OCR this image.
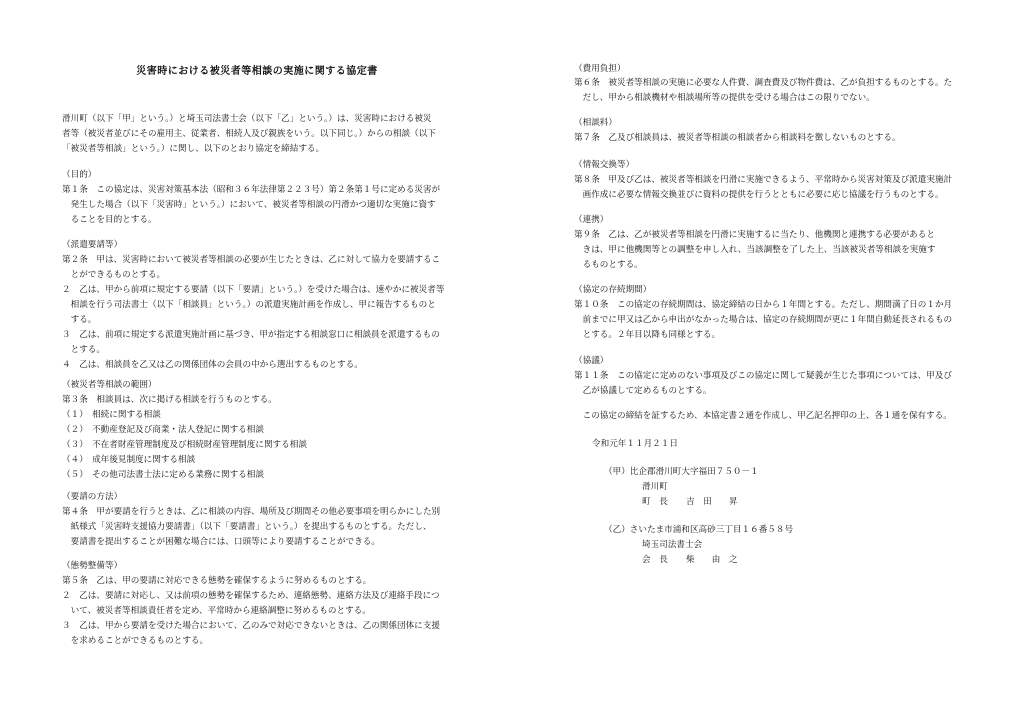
災害時における被災者等相談の実施に関する協定書
滑川町（以下「甲」という。）と埼玉司法書士会（以下「乙」という。）は、災害時における被災
者等（被災者並びにその雇用主、従業者、相続人及び親族をいう。以下同じ。）からの相談（以下
「被災者等相談」という。）に関し、以下のとおり協定を締結する。
（目的）
第１条　この協定は、災害対策基本法（昭和３６年法律第２２３号）第２条第１号に定める災害が
　発生した場合（以下「災害時」という。）において、被災者等相談の円滑かつ適切な実施に資す
　ることを目的とする。
（派遣要請等）
第２条　甲は、災害時において被災者等相談の必要が生じたときは、乙に対して協力を要請するこ
　とができるものとする。
２　乙は、甲から前項に規定する要請（以下「要請」という。）を受けた場合は、速やかに被災者等
　相談を行う司法書士（以下「相談員」という。）の派遣実施計画を作成し、甲に報告するものと
　する。
３　乙は、前項に規定する派遣実施計画に基づき、甲が指定する相談窓口に相談員を派遣するもの
　とする。
４　乙は、相談員を乙又は乙の関係団体の会員の中から選出するものとする。
（被災者等相談の範囲）
第３条　相談員は、次に掲げる相談を行うものとする。
（１）　相続に関する相談
（２）　不動産登記及び商業・法人登記に関する相談
（３）　不在者財産管理制度及び相続財産管理制度に関する相談
（４）　成年後見制度に関する相談
（５）　その他司法書士法に定める業務に関する相談
（要請の方法）
第４条　甲が要請を行うときは、乙に相談の内容、場所及び期間その他必要事項を明らかにした別
　紙様式「災害時支援協力要請書」（以下「要請書」という。）を提出するものとする。ただし、
　要請書を提出することが困難な場合には、口頭等により要請することができる。
（態勢整備等）
第５条　乙は、甲の要請に対応できる態勢を確保するように努めるものとする。
２　乙は、要請に対応し、又は前項の態勢を確保するため、連絡態勢、連絡方法及び連絡手段につ
　いて、被災者等相談責任者を定め、平常時から連絡調整に努めるものとする。
３　乙は、甲から要請を受けた場合において、乙のみで対応できないときは、乙の関係団体に支援
　を求めることができるものとする。
（費用負担）
第６条　被災者等相談の実施に必要な人件費、調査費及び物件費は、乙が負担するものとする。た
　だし、甲から相談機材や相談場所等の提供を受ける場合はこの限りでない。
（相談料）
第７条　乙及び相談員は、被災者等相談の相談者から相談料を徴しないものとする。
（情報交換等）
第８条　甲及び乙は、被災者等相談を円滑に実施できるよう、平常時から災害対策及び派遣実施計
　画作成に必要な情報交換並びに資料の提供を行うとともに必要に応じ協議を行うものとする。
（連携）
第９条　乙は、乙が被災者等相談を円滑に実施するに当たり、他機関と連携する必要があると
　きは、甲に他機関等との調整を申し入れ、当該調整を了した上、当該被災者等相談を実施す
　るものとする。
（協定の存続期間）
第１０条　この協定の存続期間は、協定締結の日から１年間とする。ただし、期間満了日の１か月
　前までに甲又は乙から申出がなかった場合は、協定の存続期間が更に１年間自動延長されるもの
　とする。２年目以降も同様とする。
（協議）
第１１条　この協定に定めのない事項及びこの協定に関して疑義が生じた事項については、甲及び
　乙が協議して定めるものとする。
　この協定の締結を証するため、本協定書２通を作成し、甲乙記名押印の上、各１通を保有する。
令和元年１１月２１日
（甲）比企郡滑川町大字福田７５０－１
滑川町
町　長 吉　田　　昇
（乙）さいたま市浦和区高砂三丁目１６番５８号
埼玉司法書士会
会　長 柴　　由　之
